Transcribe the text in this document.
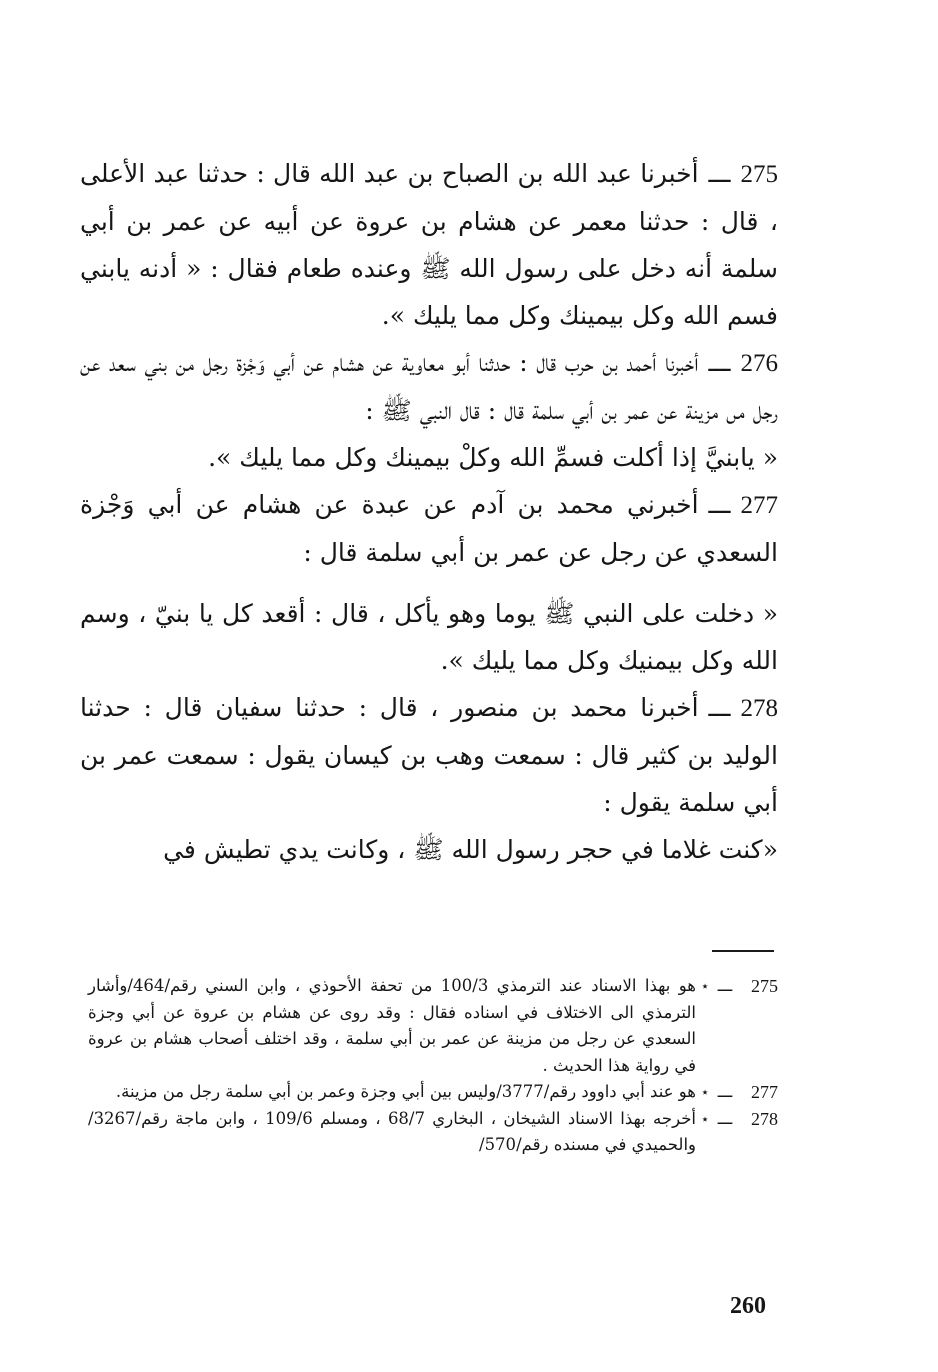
275ـــأخبرنا عبد الله بن الصباح بن عبد الله قال : حدثنا عبد الأعلى ، قال : حدثنا معمر عن هشام بن عروة عن أبيه عن عمر بن أبي سلمة أنه دخل على رسول الله ﷺ وعنده طعام فقال : « أدنه يابني فسم الله وكل بيمينك وكل مما يليك ».

276ـــأخبرنا أحمد بن حرب قال : حدثنا أبو معاوية عن هشام عن أبي وَجْزة رجل من بني سعد عن رجل مں مزينة عن عمر بن أبي سلمة قال : قال النبي ﷺ :

« يابنيَّ إذا أكلت فسمِّ الله وكلْ بيمينك وكل مما يليك ».

277ـــأخبرني محمد بن آدم عن عبدة عن هشام عن أبي وَجْزة السعدي عن رجل عن عمر بن أبي سلمة قال :

« دخلت على النبي ﷺ يوما وهو يأكل ، قال : أقعد كل يا بنيّ ، وسم الله وكل بيمنيك وكل مما يليك ».

278ـــأخبرنا محمد بن منصور ، قال : حدثنا سفيان قال : حدثنا الوليد بن كثير قال : سمعت وهب بن كيسان يقول : سمعت عمر بن أبي سلمة يقول :

«كنت غلاما في حجر رسول الله ﷺ ، وكانت يدي تطيش في

275
ـــ
٭
هو بهذا الاسناد عند الترمذي 100/3 من تحفة الأحوذي ، وابن السني رقم/464/وأشار الترمذي الى الاختلاف في اسناده فقال : وقد روى عن هشام بن عروة عن أبي وجزة السعدي عن رجل من مزينة عن عمر بن أبي سلمة ، وقد اختلف أصحاب هشام بن عروة في رواية هذا الحديث .
277
ـــ
٭
هو عند أبي داوود رقم/3777/وليس بين أبي وجزة وعمر بن أبي سلمة رجل من مزينة.
278
ـــ
٭
أخرجه بهذا الاسناد الشيخان ، البخاري 68/7 ، ومسلم 109/6 ، وابن ماجة رقم/3267/والحميدي في مسنده رقم/570/
260
